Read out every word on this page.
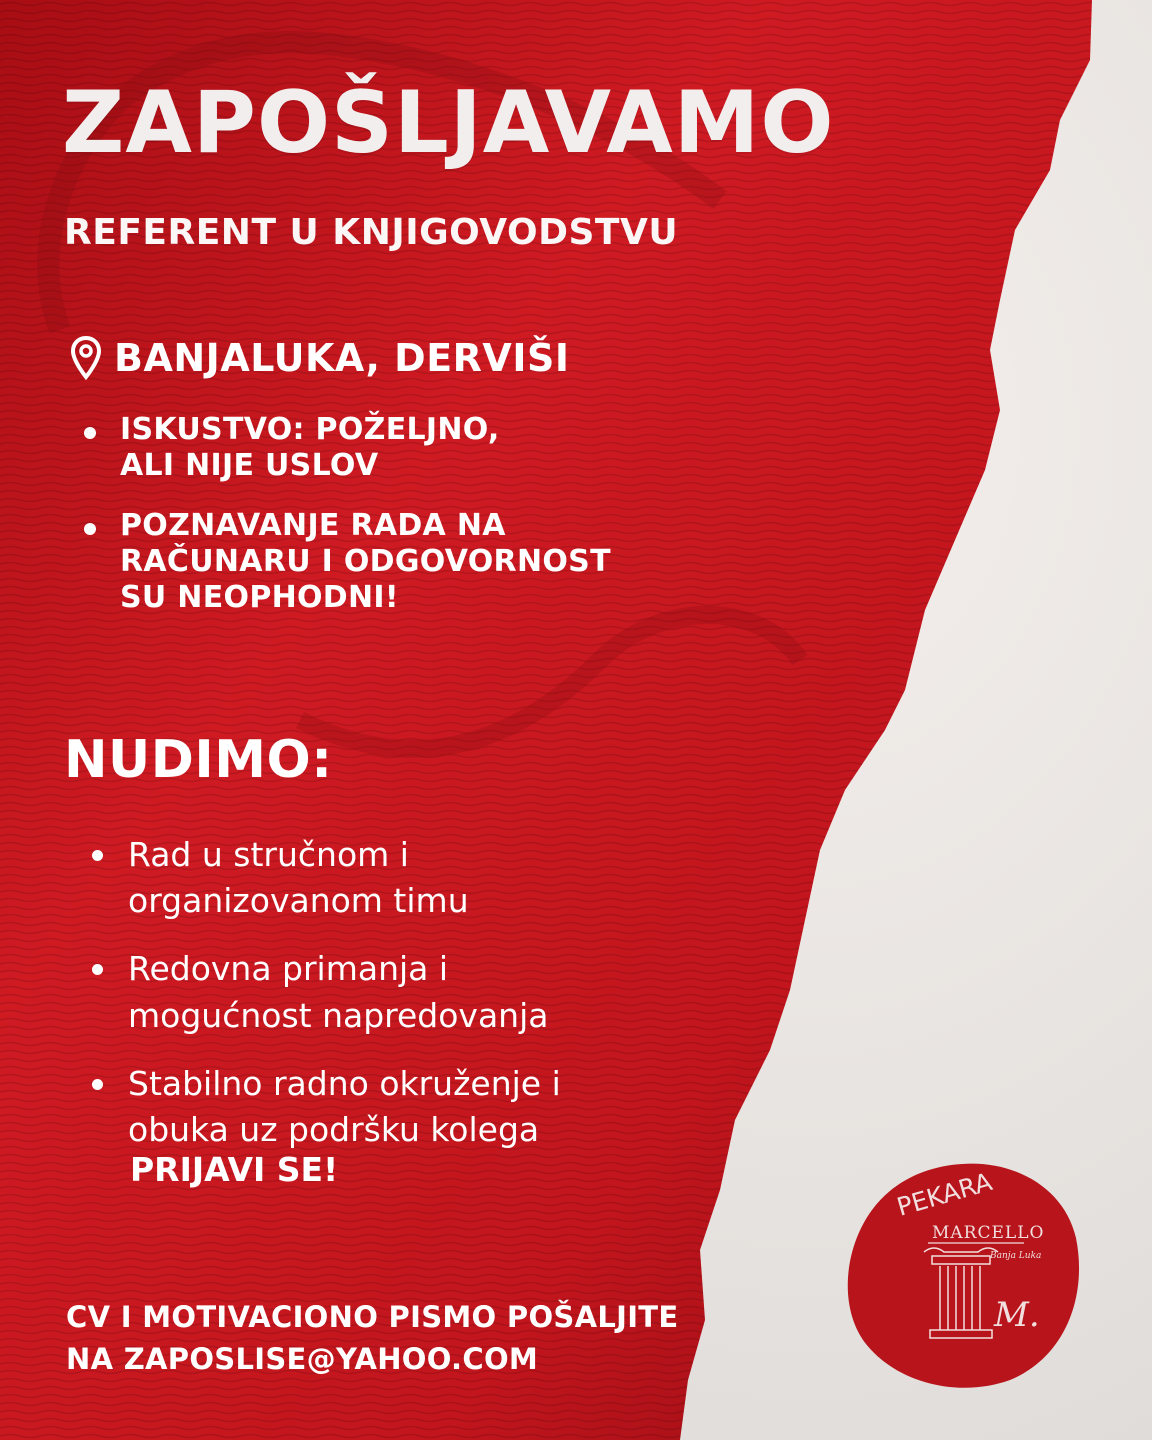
ZAPOŠLJAVAMO
REFERENT U KNJIGOVODSTVU
BANJALUKA, DERVIŠI
ISKUSTVO: POŽELJNO,
ALI NIJE USLOV
POZNAVANJE RADA NA
RAČUNARU I ODGOVORNOST
SU NEOPHODNI!
NUDIMO:
Rad u stručnom i
organizovanom timu
Redovna primanja i
mogućnost napredovanja
Stabilno radno okruženje i
obuka uz podršku kolega

PRIJAVI SE!

CV I MOTIVACIONO PISMO POŠALJITE
NA ZAPOSLISE@YAHOO.COM

PEKARA
MARCELLO
Banja Luka
M.
